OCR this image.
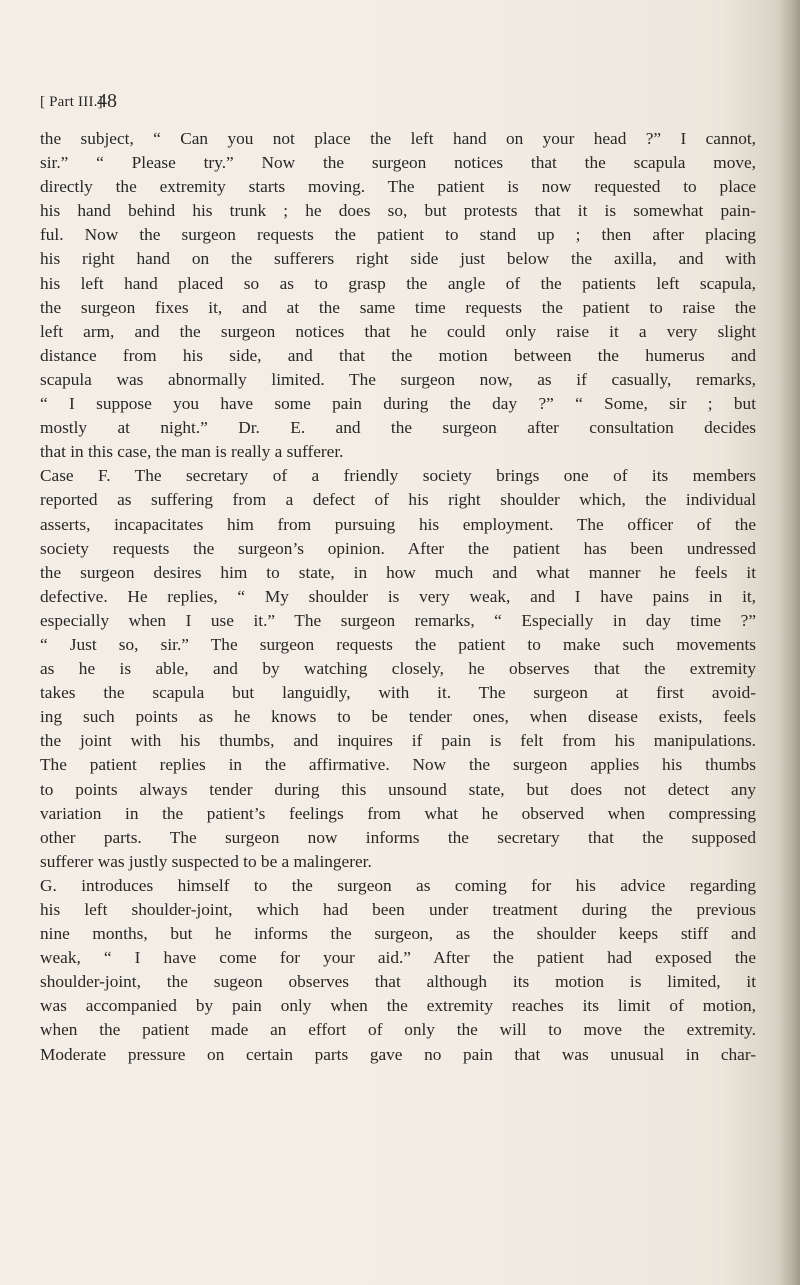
[ Part III.]
48
the subject, “ Can you not place the left hand on your head ?” I cannot,
sir.” “ Please try.” Now the surgeon notices that the scapula move,
directly the extremity starts moving. The patient is now requested to place
his hand behind his trunk ; he does so, but protests that it is somewhat pain-
ful. Now the surgeon requests the patient to stand up ; then after placing
his right hand on the sufferers right side just below the axilla, and with
his left hand placed so as to grasp the angle of the patients left scapula,
the surgeon fixes it, and at the same time requests the patient to raise the
left arm, and the surgeon notices that he could only raise it a very slight
distance from his side, and that the motion between the humerus and
scapula was abnormally limited. The surgeon now, as if casually, remarks,
“ I suppose you have some pain during the day ?” “ Some, sir ; but
mostly at night.” Dr. E. and the surgeon after consultation decides
that in this case, the man is really a sufferer.
Case F. The secretary of a friendly society brings one of its members
reported as suffering from a defect of his right shoulder which, the individual
asserts, incapacitates him from pursuing his employment. The officer of the
society requests the surgeon’s opinion. After the patient has been undressed
the surgeon desires him to state, in how much and what manner he feels it
defective. He replies, “ My shoulder is very weak, and I have pains in it,
especially when I use it.” The surgeon remarks, “ Especially in day time ?”
“ Just so, sir.” The surgeon requests the patient to make such movements
as he is able, and by watching closely, he observes that the extremity
takes the scapula but languidly, with it. The surgeon at first avoid-
ing such points as he knows to be tender ones, when disease exists, feels
the joint with his thumbs, and inquires if pain is felt from his manipulations.
The patient replies in the affirmative. Now the surgeon applies his thumbs
to points always tender during this unsound state, but does not detect any
variation in the patient’s feelings from what he observed when compressing
other parts. The surgeon now informs the secretary that the supposed
sufferer was justly suspected to be a malingerer.
G. introduces himself to the surgeon as coming for his advice regarding
his left shoulder-joint, which had been under treatment during the previous
nine months, but he informs the surgeon, as the shoulder keeps stiff and
weak, “ I have come for your aid.” After the patient had exposed the
shoulder-joint, the sugeon observes that although its motion is limited, it
was accompanied by pain only when the extremity reaches its limit of motion,
when the patient made an effort of only the will to move the extremity.
Moderate pressure on certain parts gave no pain that was unusual in char-
